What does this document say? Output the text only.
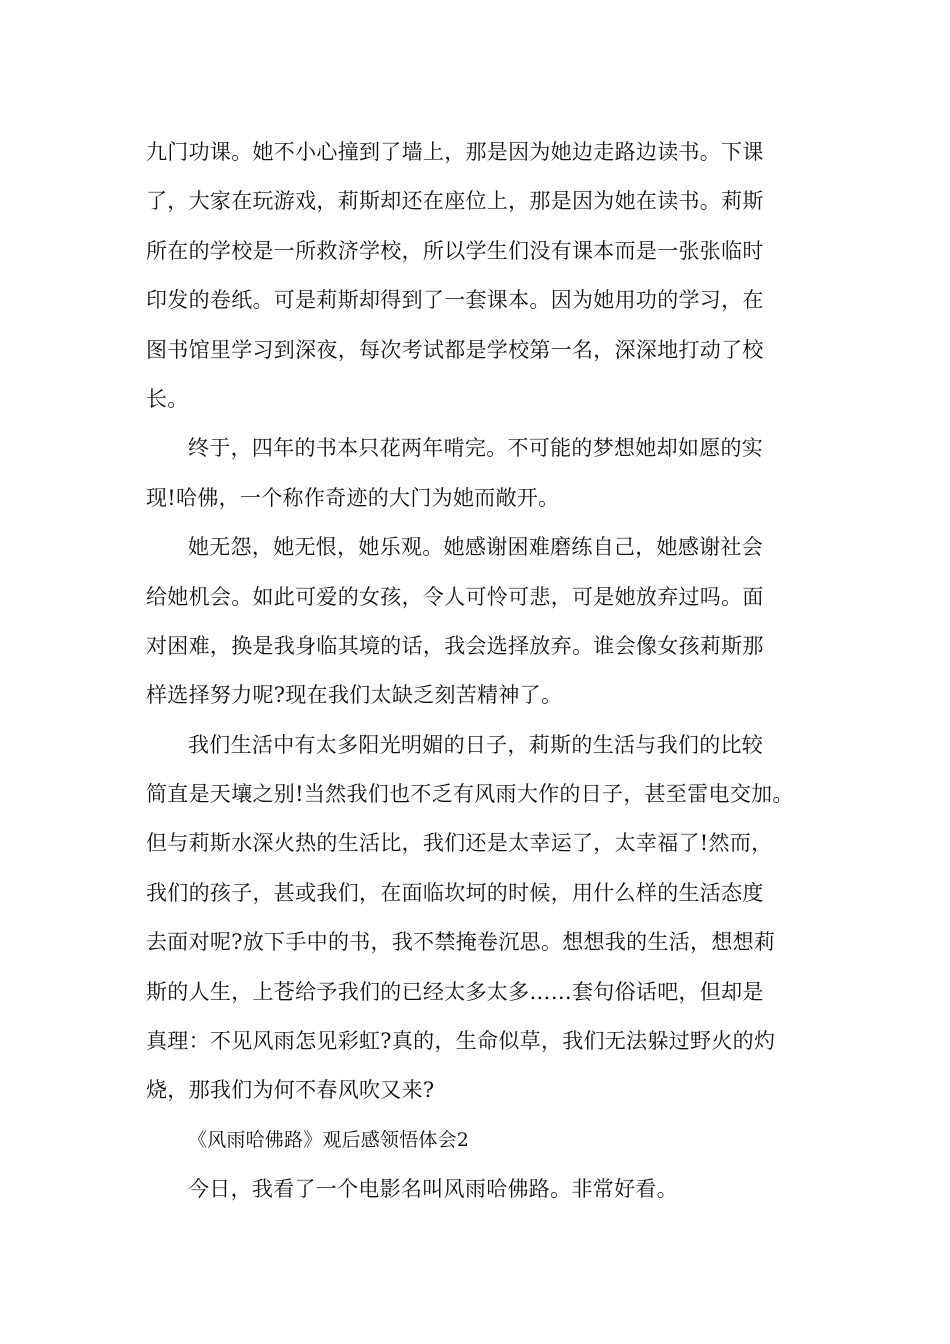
九门功课。她不小心撞到了墙上，那是因为她边走路边读书。下课
了，大家在玩游戏，莉斯却还在座位上，那是因为她在读书。莉斯
所在的学校是一所救济学校，所以学生们没有课本而是一张张临时
印发的卷纸。可是莉斯却得到了一套课本。因为她用功的学习，在
图书馆里学习到深夜，每次考试都是学校第一名，深深地打动了校
长。
终于，四年的书本只花两年啃完。不可能的梦想她却如愿的实
现!哈佛，一个称作奇迹的大门为她而敞开。
她无怨，她无恨，她乐观。她感谢困难磨练自己，她感谢社会
给她机会。如此可爱的女孩，令人可怜可悲，可是她放弃过吗。面
对困难，换是我身临其境的话，我会选择放弃。谁会像女孩莉斯那
样选择努力呢?现在我们太缺乏刻苦精神了。
我们生活中有太多阳光明媚的日子，莉斯的生活与我们的比较
简直是天壤之别!当然我们也不乏有风雨大作的日子，甚至雷电交加。
但与莉斯水深火热的生活比，我们还是太幸运了，太幸福了!然而，
我们的孩子，甚或我们，在面临坎坷的时候，用什么样的生活态度
去面对呢?放下手中的书，我不禁掩卷沉思。想想我的生活，想想莉
斯的人生，上苍给予我们的已经太多太多……套句俗话吧，但却是
真理：不见风雨怎见彩虹?真的，生命似草，我们无法躲过野火的灼
烧，那我们为何不春风吹又来?
《风雨哈佛路》观后感领悟体会2
今日，我看了一个电影名叫风雨哈佛路。非常好看。
